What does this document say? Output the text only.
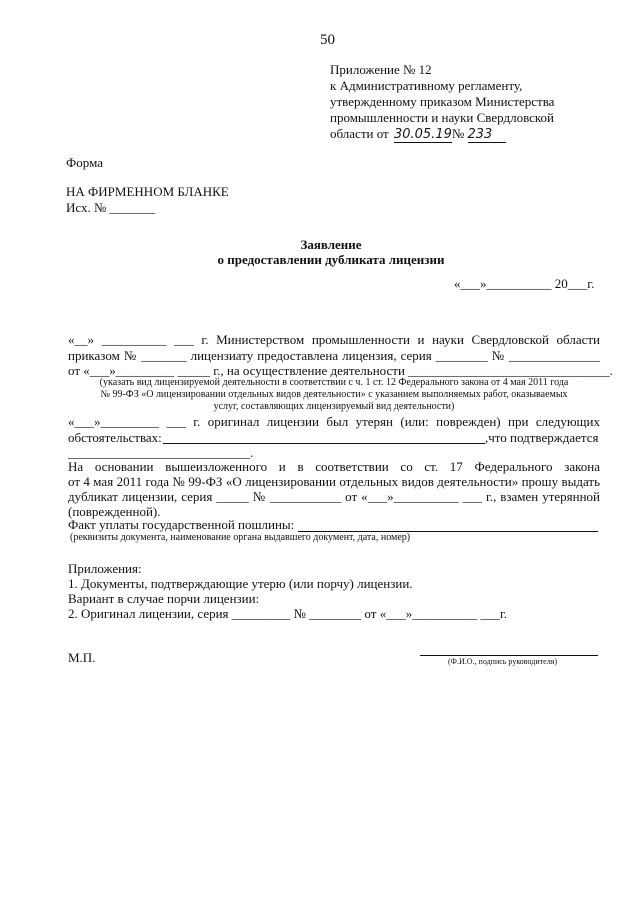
50
Приложение № 12
к Административному регламенту,
утвержденному приказом Министерства
промышленности и науки Свердловской
области от 30.05.19№ 233
Форма
НА ФИРМЕННОМ БЛАНКЕ
Исх. № _______
Заявление
о предоставлении дубликата лицензии
«___»__________ 20___г.
«__» __________ ___ г. Министерством промышленности и науки Свердловской области
приказом № _______ лицензиату предоставлена лицензия, серия ________ № ______________
от «___»_________ _____ г., на осуществление деятельности _______________________________.
(указать вид лицензируемой деятельности в соответствии с ч. 1 ст. 12 Федерального закона от 4 мая 2011 года
№ 99-ФЗ «О лицензировании отдельных видов деятельности» с указанием выполняемых работ, оказываемых
услуг, составляющих лицензируемый вид деятельности)
«___»_________ ___ г. оригинал лицензии был утерян (или: поврежден) при следующих
обстоятельствах:	,что подтверждается
____________________________.
На основании вышеизложенного и в соответствии со ст. 17 Федерального закона
от 4 мая 2011 года № 99-ФЗ «О лицензировании отдельных видов деятельности» прошу выдать
дубликат лицензии, серия _____ № ___________ от «___»__________ ___ г., взамен утерянной
(поврежденной).
Факт уплаты государственной пошлины:
(реквизиты документа, наименование органа выдавшего документ, дата, номер)
Приложения:
1. Документы, подтверждающие утерю (или порчу) лицензии.
Вариант в случае порчи лицензии:
2. Оригинал лицензии, серия _________ № ________ от «___»__________ ___г.
М.П.	(Ф.И.О., подпись руководителя)
